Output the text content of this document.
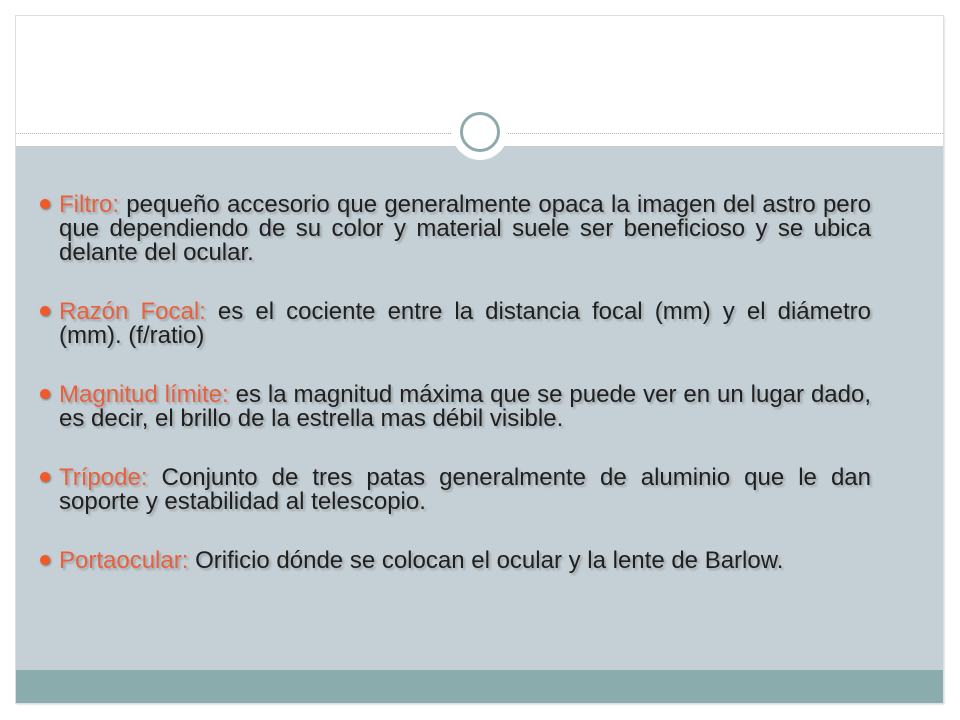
Filtro: pequeño accesorio que generalmente opaca la imagen del astro pero que dependiendo de su color y material suele ser beneficioso y se ubica delante del ocular.
Razón Focal: es el cociente entre la distancia focal (mm) y el diámetro (mm). (f/ratio)
Magnitud límite: es la magnitud máxima que se puede ver en un lugar dado, es decir, el brillo de la estrella mas débil visible.
Trípode: Conjunto de tres patas generalmente de aluminio que le dan soporte y estabilidad al telescopio.
Portaocular: Orificio dónde se colocan el ocular y la lente de Barlow.
